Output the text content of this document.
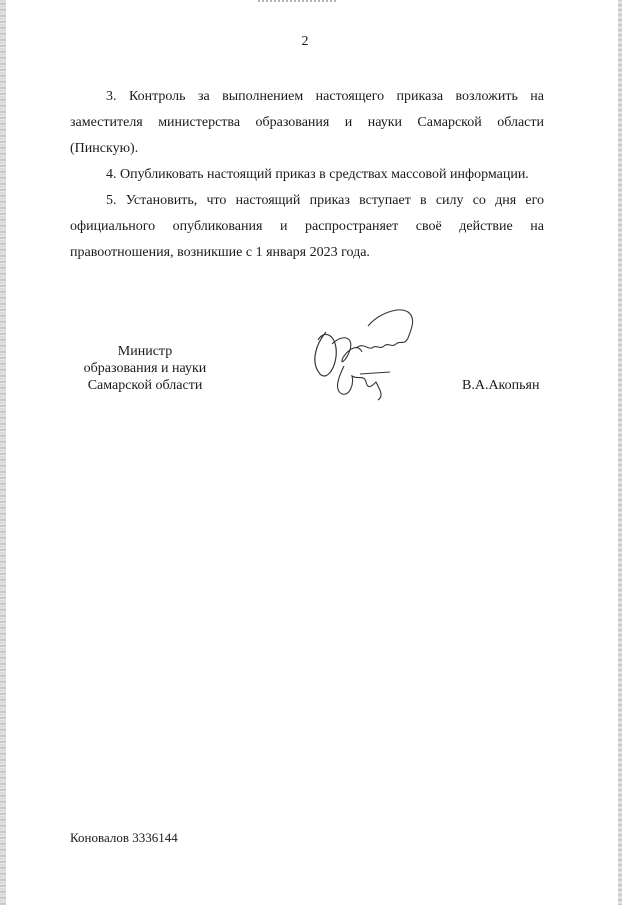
2

3. Контроль за выполнением настоящего приказа возложить на заместителя министерства образования и науки Самарской области (Пинскую).

4. Опубликовать настоящий приказ в средствах массовой информации.

5. Установить, что настоящий приказ вступает в силу со дня его официального опубликования и распространяет своё действие на правоотношения, возникшие с 1 января 2023 года.

Министр
образования и науки
Самарской области	В.А.Акопьян
Коновалов 3336144
